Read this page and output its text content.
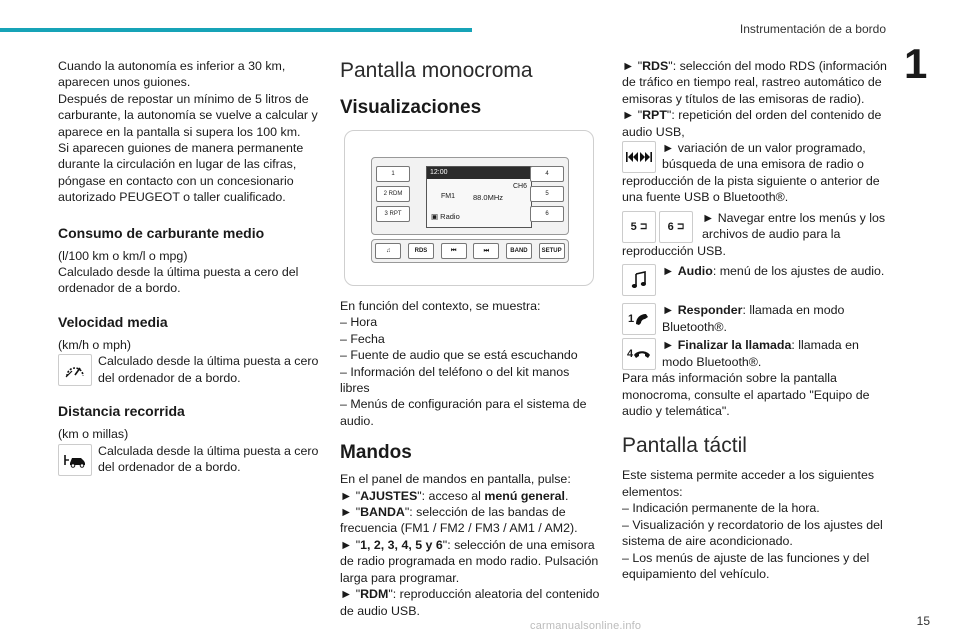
Instrumentación de a bordo
1

Cuando la autonomía es inferior a 30 km, aparecen unos guiones.

Después de repostar un mínimo de 5 litros de carburante, la autonomía se vuelve a calcular y aparece en la pantalla si supera los 100 km.

Si aparecen guiones de manera permanente durante la circulación en lugar de las cifras, póngase en contacto con un concesionario autorizado PEUGEOT o taller cualificado.

Consumo de carburante medio

(l/100 km o km/l o mpg)

Calculado desde la última puesta a cero del ordenador de a bordo.

Velocidad media

(km/h o mph)

Calculado desde la última puesta a cero del ordenador de a bordo.

Distancia recorrida

(km o millas)

Calculada desde la última puesta a cero del ordenador de a bordo.

Pantalla monocroma
Visualizaciones
1
2 RDM
3 RPT
12:00
CH6
FM1 88.0MHz
▣ Radio
4
5
6
♫	RDS	⏮	⏭	BAND	SETUP

En función del contexto, se muestra:

– Hora

– Fecha

– Fuente de audio que se está escuchando

– Información del teléfono o del kit manos libres

– Menús de configuración para el sistema de audio.

Mandos

En el panel de mandos en pantalla, pulse:

► "AJUSTES": acceso al menú general.

► "BANDA": selección de las bandas de frecuencia (FM1 / FM2 / FM3 / AM1 / AM2).

► "1, 2, 3, 4, 5 y 6": selección de una emisora de radio programada en modo radio. Pulsación larga para programar.

► "RDM": reproducción aleatoria del contenido de audio USB.

► "RDS": selección del modo RDS (información de tráfico en tiempo real, rastreo automático de emisoras y títulos de las emisoras de radio).

► "RPT": repetición del orden del contenido de audio USB,

► variación de un valor programado, búsqueda de una emisora de radio o

reproducción de la pista siguiente o anterior de una fuente USB o Bluetooth®.

5
⊐ 6
⊐

► Navegar entre los menús y los archivos de audio para la

reproducción USB.

► Audio: menú de los ajustes de audio.

1

► Responder: llamada en modo Bluetooth®.

4

► Finalizar la llamada: llamada en modo Bluetooth®.

Para más información sobre la pantalla monocroma, consulte el apartado "Equipo de audio y telemática".

Pantalla táctil

Este sistema permite acceder a los siguientes elementos:

– Indicación permanente de la hora.

– Visualización y recordatorio de los ajustes del sistema de aire acondicionado.

– Los menús de ajuste de las funciones y del equipamiento del vehículo.

carmanualsonline.info	15
